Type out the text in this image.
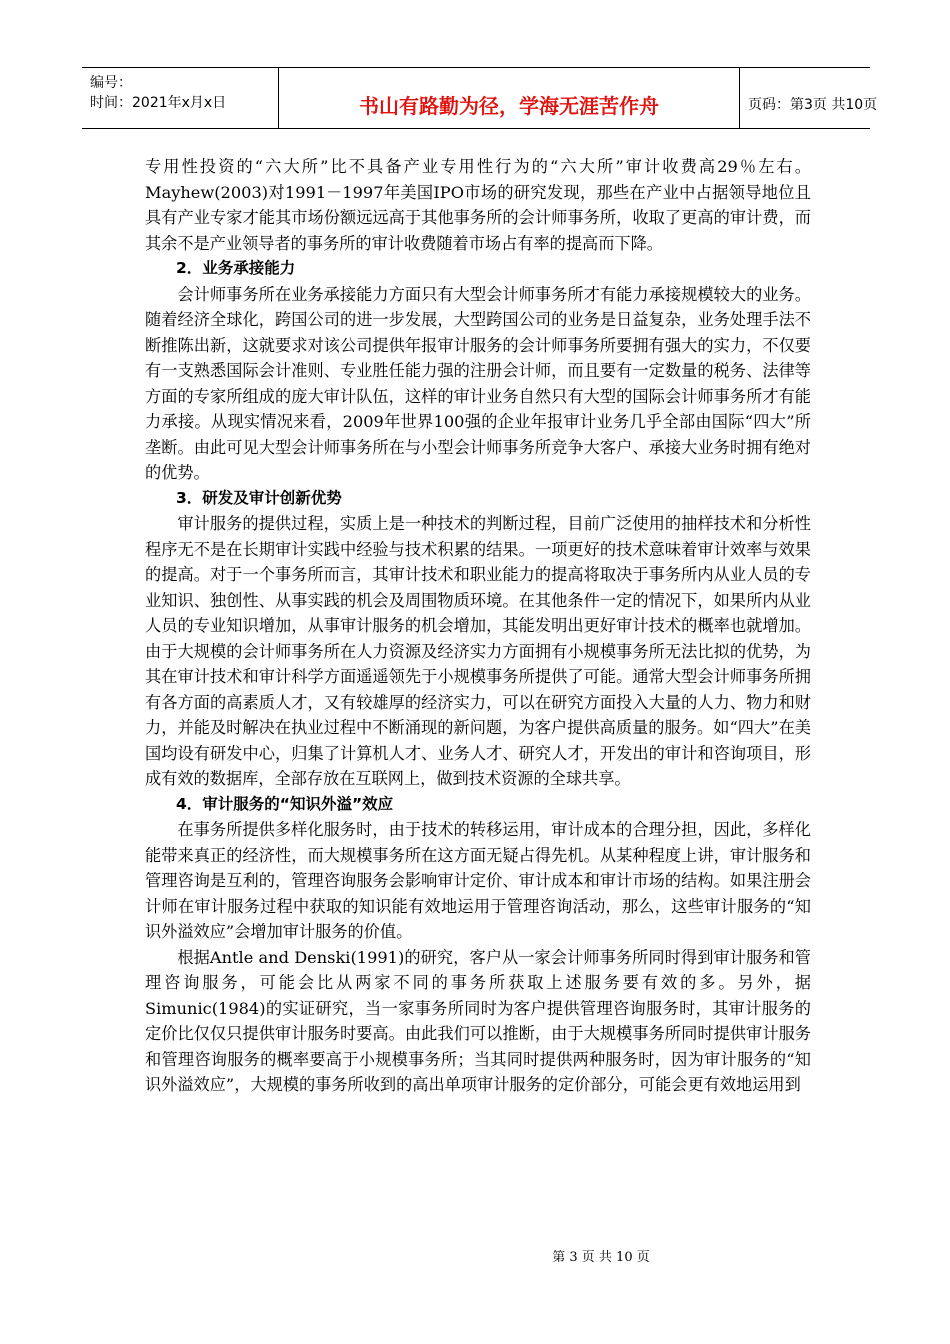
编号：
时间：2021年x月x日	书山有路勤为径，学海无涯苦作舟	页码：第3页 共10页

专用性投资的“六大所”比不具备产业专用性行为的“六大所”审计收费高29％左右。Mayhew(2003)对1991－1997年美国IPO市场的研究发现，那些在产业中占据领导地位且具有产业专家才能其市场份额远远高于其他事务所的会计师事务所，收取了更高的审计费，而其余不是产业领导者的事务所的审计收费随着市场占有率的提高而下降。

2．业务承接能力

会计师事务所在业务承接能力方面只有大型会计师事务所才有能力承接规模较大的业务。随着经济全球化，跨国公司的进一步发展，大型跨国公司的业务是日益复杂，业务处理手法不断推陈出新，这就要求对该公司提供年报审计服务的会计师事务所要拥有强大的实力，不仅要有一支熟悉国际会计准则、专业胜任能力强的注册会计师，而且要有一定数量的税务、法律等方面的专家所组成的庞大审计队伍，这样的审计业务自然只有大型的国际会计师事务所才有能力承接。从现实情况来看，2009年世界100强的企业年报审计业务几乎全部由国际“四大”所垄断。由此可见大型会计师事务所在与小型会计师事务所竞争大客户、承接大业务时拥有绝对的优势。

3．研发及审计创新优势

审计服务的提供过程，实质上是一种技术的判断过程，目前广泛使用的抽样技术和分析性程序无不是在长期审计实践中经验与技术积累的结果。一项更好的技术意味着审计效率与效果的提高。对于一个事务所而言，其审计技术和职业能力的提高将取决于事务所内从业人员的专业知识、独创性、从事实践的机会及周围物质环境。在其他条件一定的情况下，如果所内从业人员的专业知识增加，从事审计服务的机会增加，其能发明出更好审计技术的概率也就增加。由于大规模的会计师事务所在人力资源及经济实力方面拥有小规模事务所无法比拟的优势，为其在审计技术和审计科学方面遥遥领先于小规模事务所提供了可能。通常大型会计师事务所拥有各方面的高素质人才，又有较雄厚的经济实力，可以在研究方面投入大量的人力、物力和财力，并能及时解决在执业过程中不断涌现的新问题，为客户提供高质量的服务。如“四大”在美国均设有研发中心，归集了计算机人才、业务人才、研究人才，开发出的审计和咨询项目，形成有效的数据库，全部存放在互联网上，做到技术资源的全球共享。

4．审计服务的“知识外溢”效应

在事务所提供多样化服务时，由于技术的转移运用，审计成本的合理分担，因此，多样化能带来真正的经济性，而大规模事务所在这方面无疑占得先机。从某种程度上讲，审计服务和管理咨询是互利的，管理咨询服务会影响审计定价、审计成本和审计市场的结构。如果注册会计师在审计服务过程中获取的知识能有效地运用于管理咨询活动，那么，这些审计服务的“知识外溢效应”会增加审计服务的价值。

根据Antle and Denski(1991)的研究，客户从一家会计师事务所同时得到审计服务和管理咨询服务，可能会比从两家不同的事务所获取上述服务要有效的多。另外，据Simunic(1984)的实证研究，当一家事务所同时为客户提供管理咨询服务时，其审计服务的定价比仅仅只提供审计服务时要高。由此我们可以推断，由于大规模事务所同时提供审计服务和管理咨询服务的概率要高于小规模事务所；当其同时提供两种服务时，因为审计服务的“知识外溢效应”，大规模的事务所收到的高出单项审计服务的定价部分，可能会更有效地运用到

第 3 页 共 10 页
